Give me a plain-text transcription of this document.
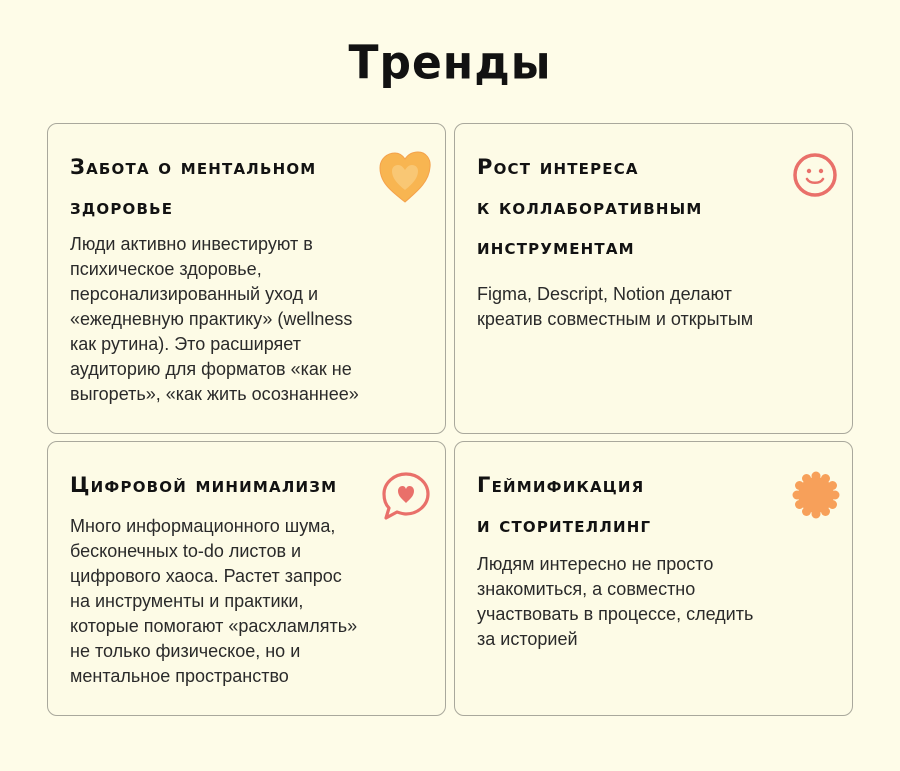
Тренды
Забота о ментальном
здоровье
Люди активно инвестируют в
психическое здоровье,
персонализированный уход и
«ежедневную практику» (wellness
как рутина). Это расширяет
аудиторию для форматов «как не
выгореть», «как жить осознаннее»
Рост интереса
к коллаборативным
инструментам
Figma, Descript, Notion делают
креатив совместным и открытым
Цифровой минимализм
Много информационного шума,
бесконечных to-do листов и
цифрового хаоса. Растет запрос
на инструменты и практики,
которые помогают «расхламлять»
не только физическое, но и
ментальное пространство
Геймификация
и сторителлинг
Людям интересно не просто
знакомиться, а совместно
участвовать в процессе, следить
за историей
